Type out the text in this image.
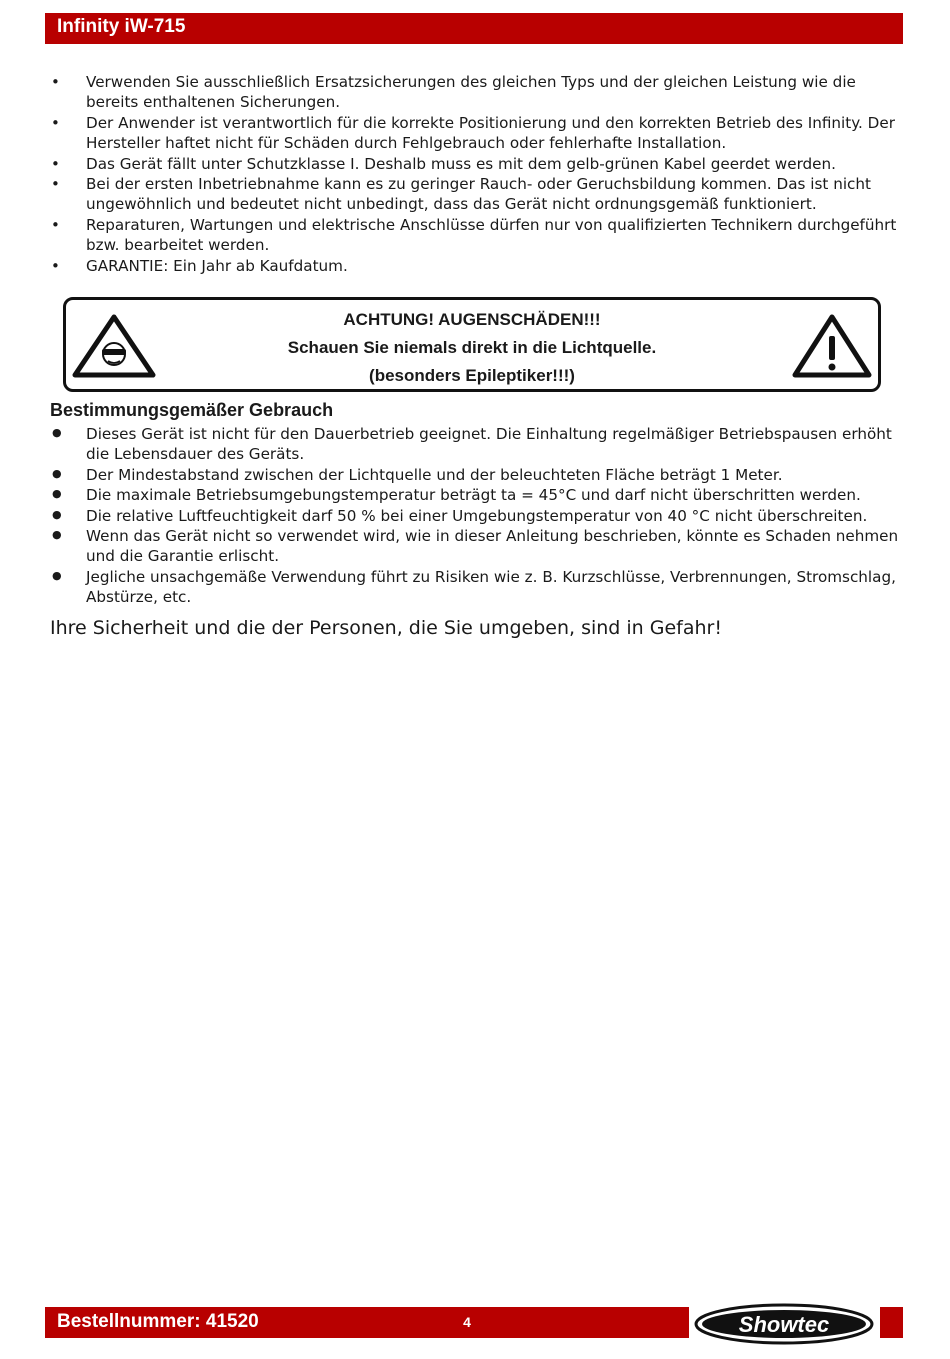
Infinity iW-715
• Verwenden Sie ausschließlich Ersatzsicherungen des gleichen Typs und der gleichen Leistung wie die bereits enthaltenen Sicherungen.
• Der Anwender ist verantwortlich für die korrekte Positionierung und den korrekten Betrieb des Infinity. Der Hersteller haftet nicht für Schäden durch Fehlgebrauch oder fehlerhafte Installation.
• Das Gerät fällt unter Schutzklasse I. Deshalb muss es mit dem gelb-grünen Kabel geerdet werden.
• Bei der ersten Inbetriebnahme kann es zu geringer Rauch- oder Geruchsbildung kommen. Das ist nicht ungewöhnlich und bedeutet nicht unbedingt, dass das Gerät nicht ordnungsgemäß funktioniert.
• Reparaturen, Wartungen und elektrische Anschlüsse dürfen nur von qualifizierten Technikern durchgeführt bzw. bearbeitet werden.
• GARANTIE: Ein Jahr ab Kaufdatum.
ACHTUNG! AUGENSCHÄDEN!!!
Schauen Sie niemals direkt in die Lichtquelle.
(besonders Epileptiker!!!)
Bestimmungsgemäßer Gebrauch
● Dieses Gerät ist nicht für den Dauerbetrieb geeignet. Die Einhaltung regelmäßiger Betriebspausen erhöht die Lebensdauer des Geräts.
● Der Mindestabstand zwischen der Lichtquelle und der beleuchteten Fläche beträgt 1 Meter.
● Die maximale Betriebsumgebungstemperatur beträgt ta = 45°C und darf nicht überschritten werden.
● Die relative Luftfeuchtigkeit darf 50 % bei einer Umgebungstemperatur von 40 °C nicht überschreiten.
● Wenn das Gerät nicht so verwendet wird, wie in dieser Anleitung beschrieben, könnte es Schaden nehmen und die Garantie erlischt.
● Jegliche unsachgemäße Verwendung führt zu Risiken wie z. B. Kurzschlüsse, Verbrennungen, Stromschlag, Abstürze, etc.
Ihre Sicherheit und die der Personen, die Sie umgeben, sind in Gefahr!
Bestellnummer: 41520	4	Showtec
